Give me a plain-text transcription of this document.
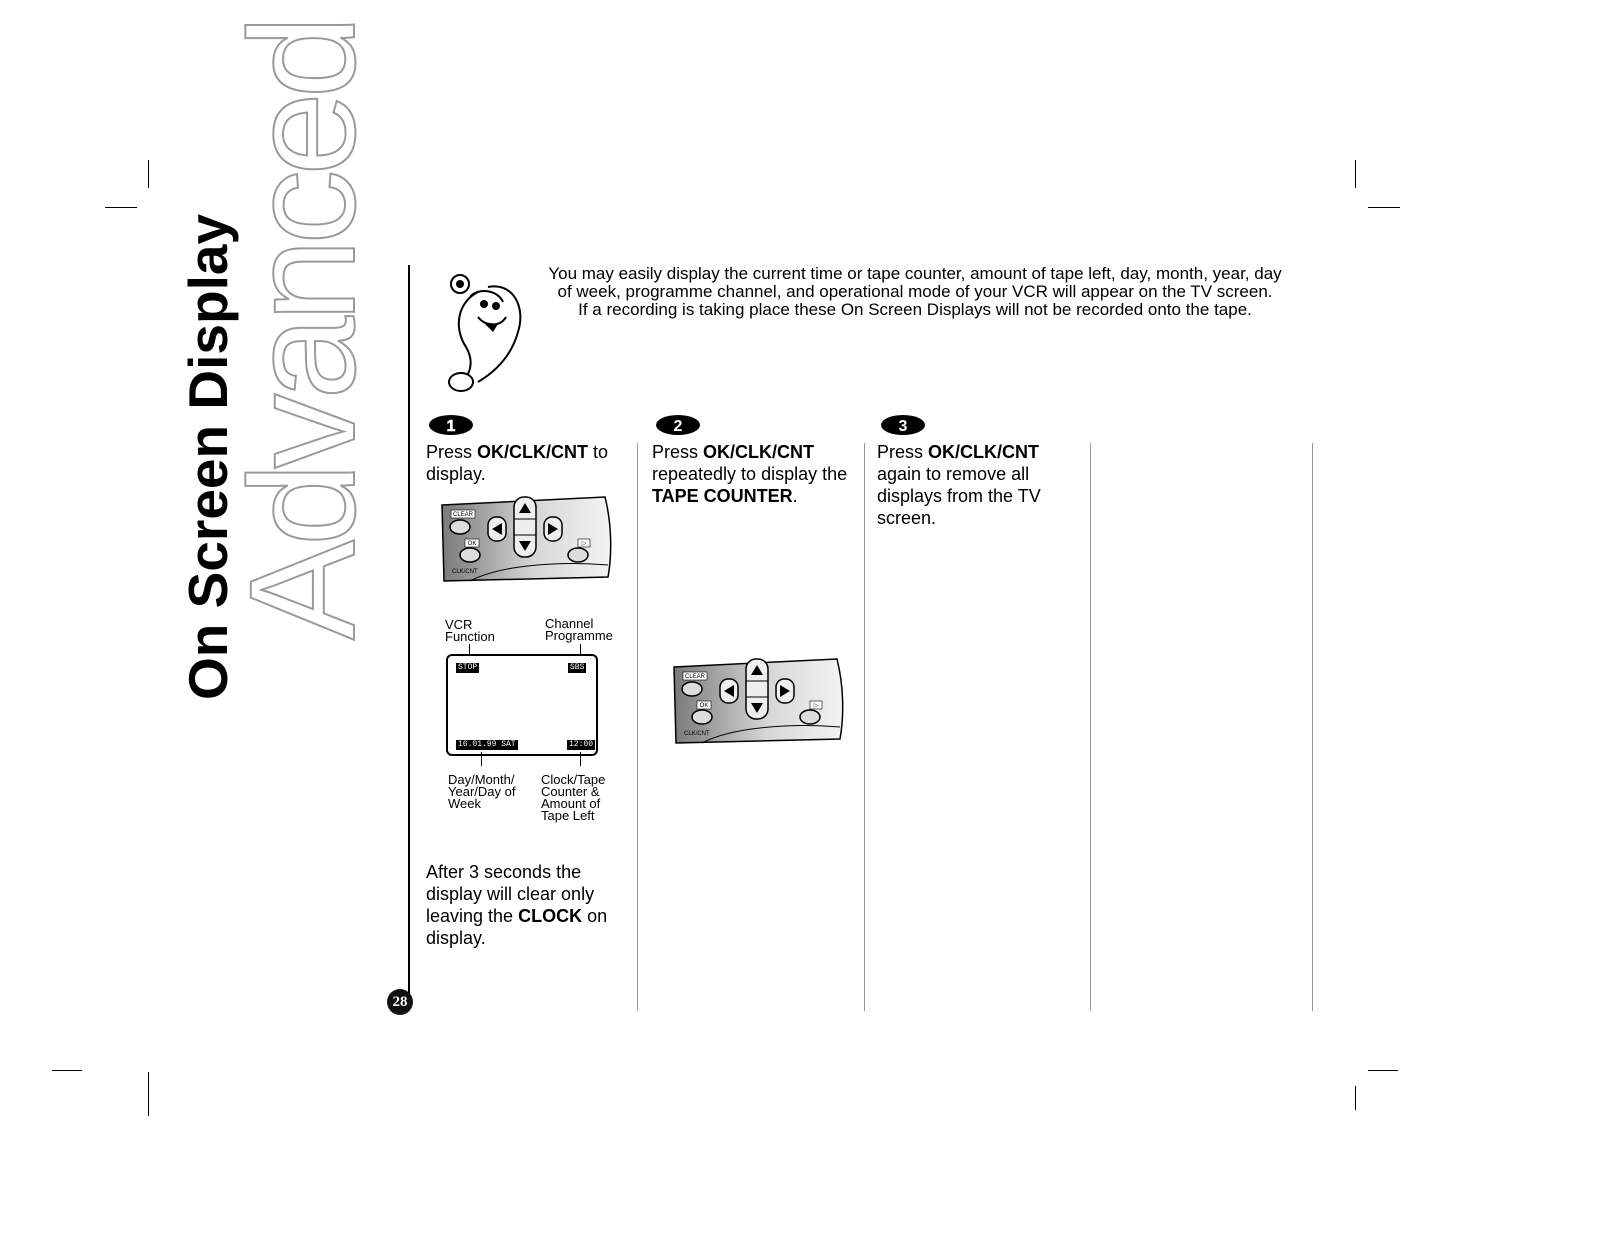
Advanced
On Screen Display
28
You may easily display the current time or tape counter, amount of tape left, day, month, year, day
of week, programme channel, and operational mode of your VCR will appear on the TV screen.
If a recording is taking place these On Screen Displays will not be recorded onto the tape.
1	2	3
Press OK/CLK/CNT to display.
Press OK/CLK/CNT repeatedly to display the TAPE COUNTER.
Press OK/CLK/CNT again to remove all displays from the TV screen.
CLEAR
OK
CLK/CNT
▷
CLEAR
OK
CLK/CNT
▷
VCR
Function
Channel
Programme
STOP	SBS
16.01.99 SAT	12:00
Day/Month/
Year/Day of
Week
Clock/Tape
Counter &
Amount of
Tape Left
After 3 seconds the display will clear only leaving the CLOCK on display.
